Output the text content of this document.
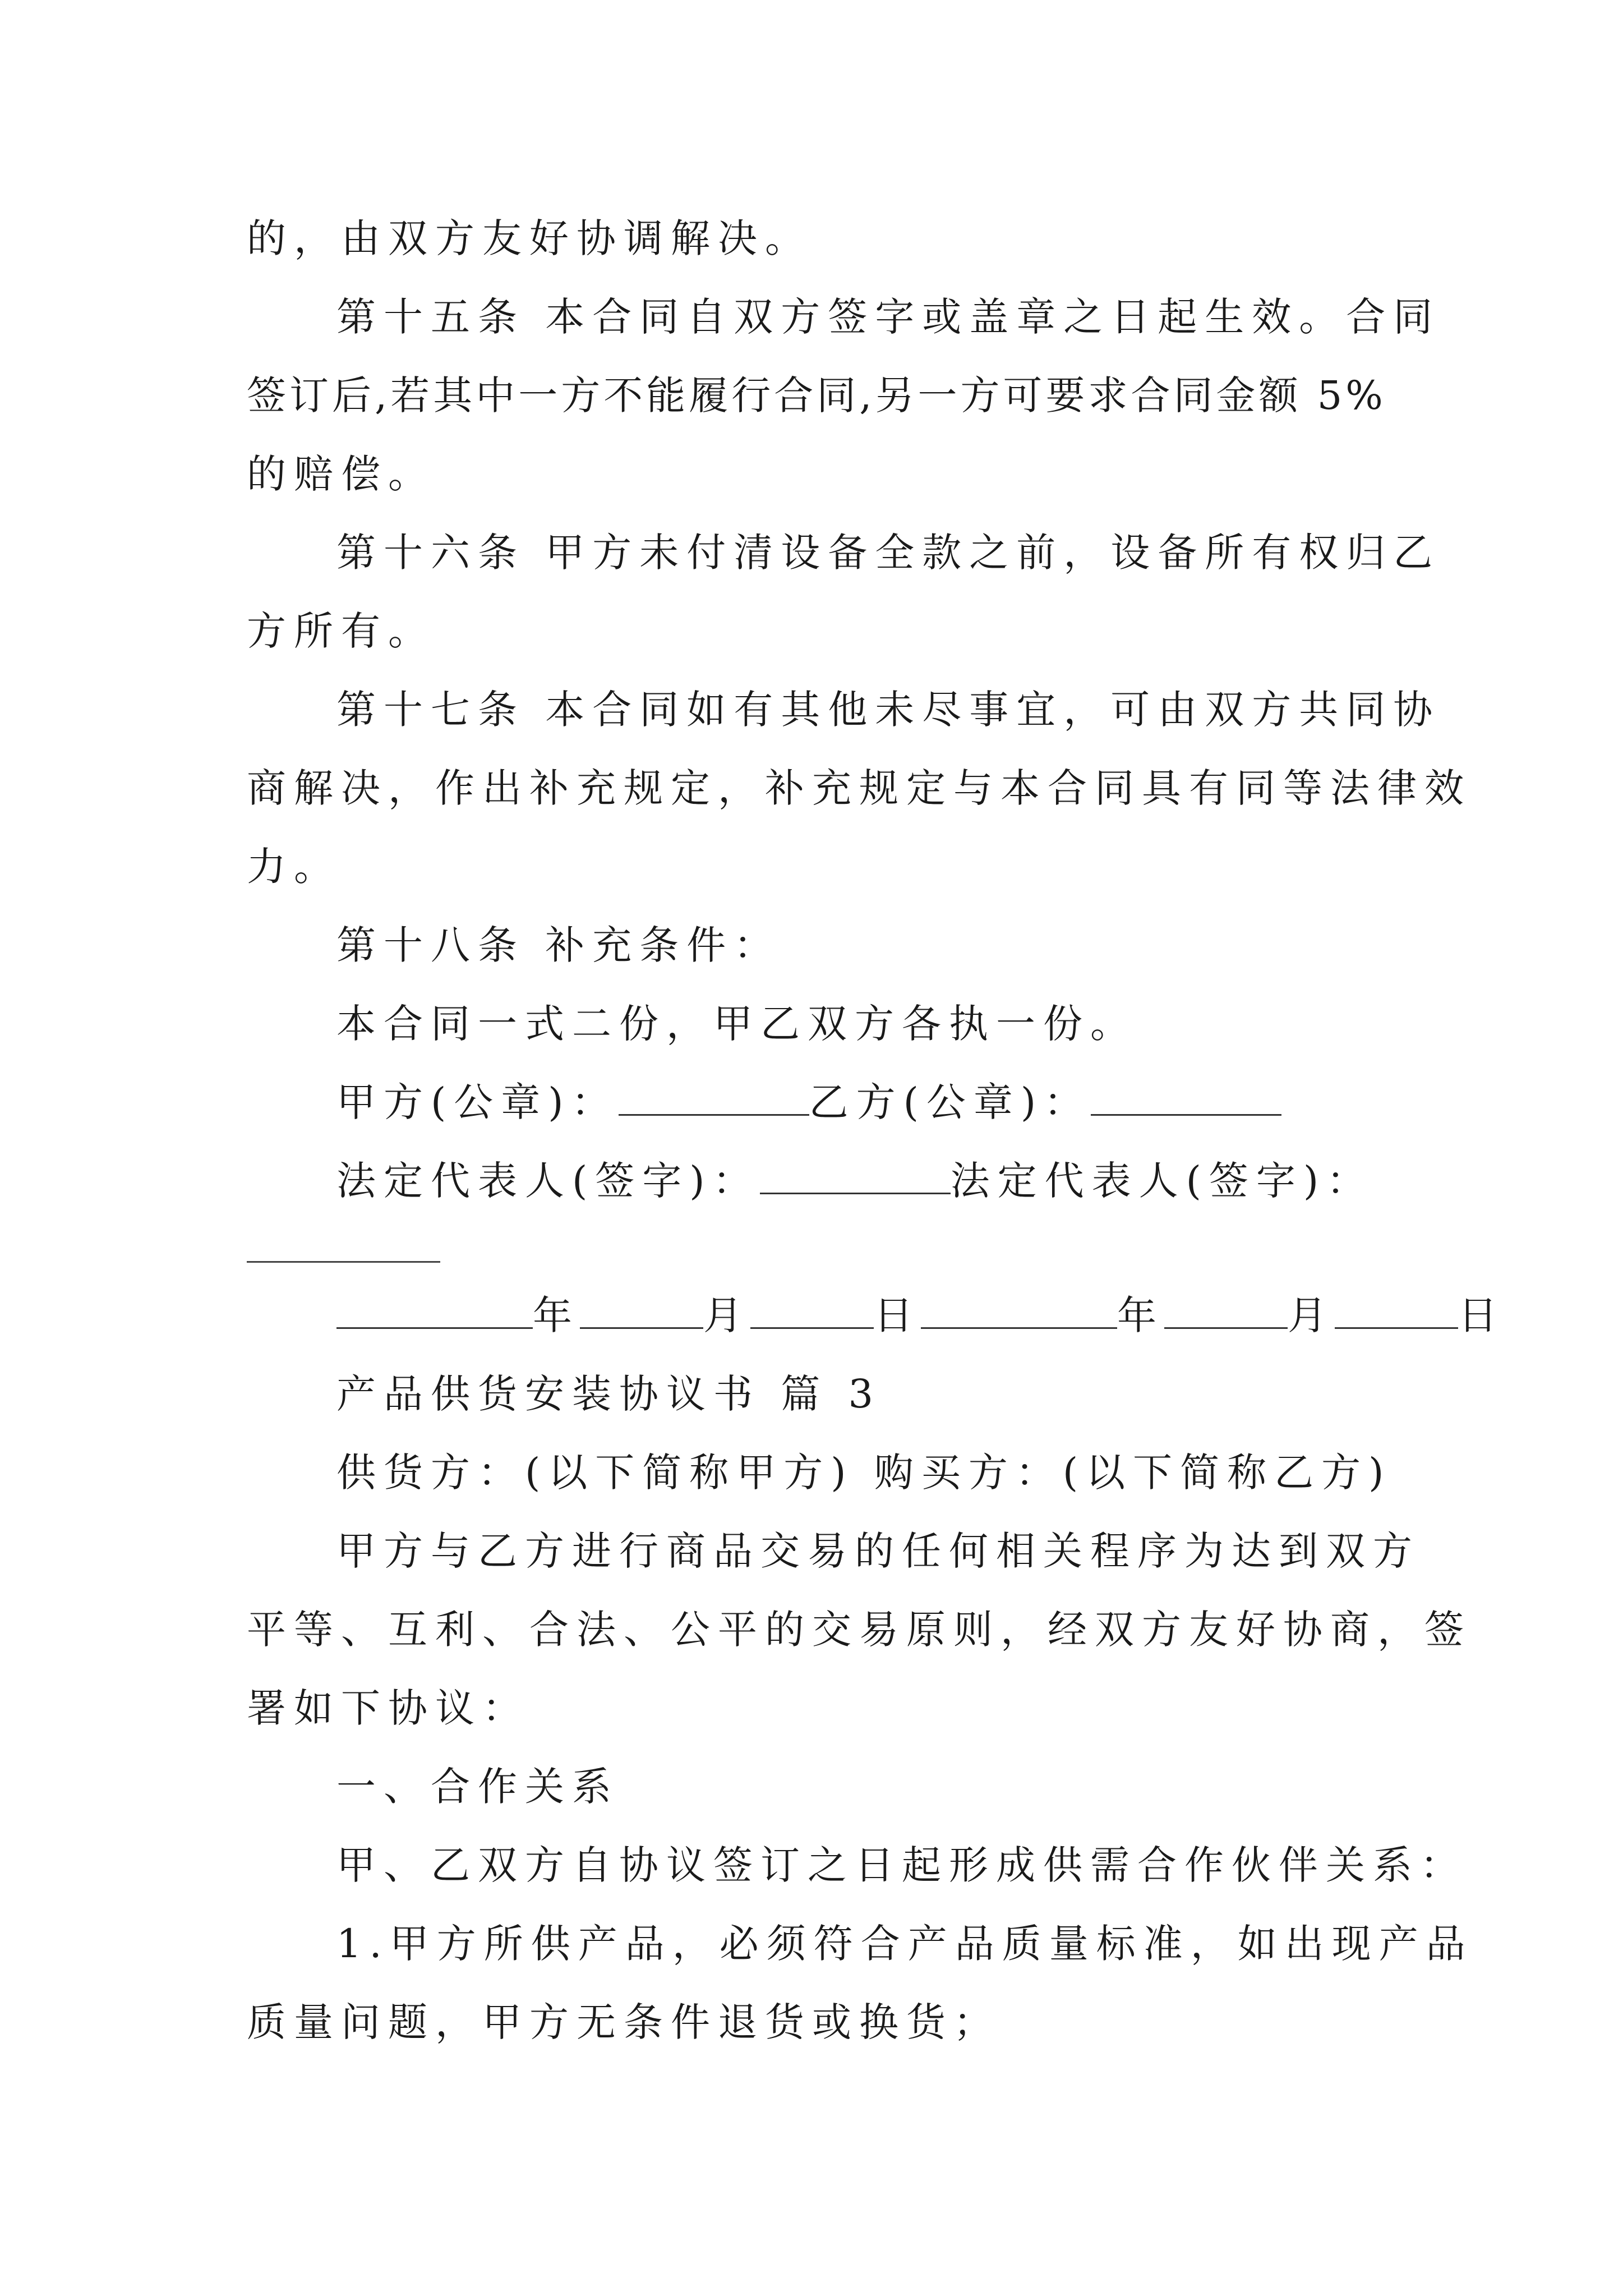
的，由双方友好协调解决。
第十五条 本合同自双方签字或盖章之日起生效。合同
签订后,若其中一方不能履行合同,另一方可要求合同金额 5%
的赔偿。
第十六条 甲方未付清设备全款之前，设备所有权归乙
方所有。
第十七条 本合同如有其他未尽事宜，可由双方共同协
商解决，作出补充规定，补充规定与本合同具有同等法律效
力。
第十八条 补充条件：
本合同一式二份，甲乙双方各执一份。
甲方(公章)：	乙方(公章)：
法定代表人(签字)：	法定代表人(签字)：
年	月	日	年	月	日
产品供货安装协议书 篇 3
供货方：(以下简称甲方) 购买方：(以下简称乙方)
甲方与乙方进行商品交易的任何相关程序为达到双方
平等、互利、合法、公平的交易原则，经双方友好协商，签
署如下协议：
一、合作关系
甲、乙双方自协议签订之日起形成供需合作伙伴关系：
1.甲方所供产品，必须符合产品质量标准，如出现产品
质量问题，甲方无条件退货或换货；
